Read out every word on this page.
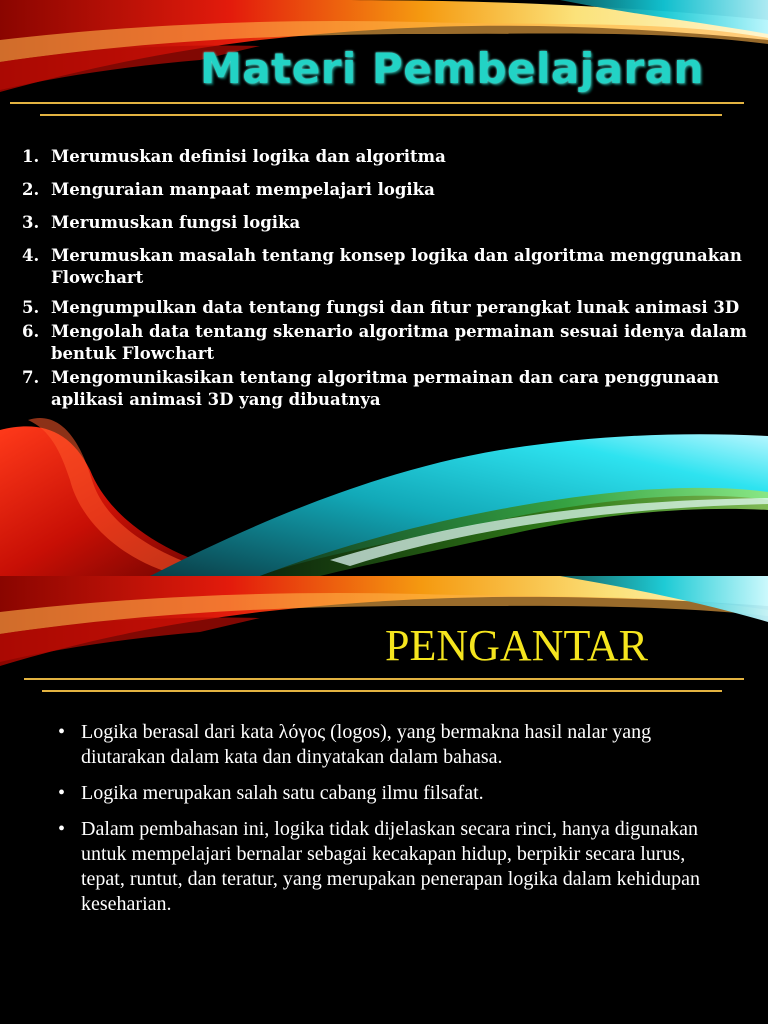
Materi Pembelajaran
1. Merumuskan definisi logika dan algoritma
2. Menguraian manpaat mempelajari logika
3. Merumuskan fungsi logika
4. Merumuskan masalah tentang konsep logika dan algoritma menggunakan Flowchart
5. Mengumpulkan data tentang fungsi dan fitur perangkat lunak animasi 3D
6. Mengolah data tentang skenario algoritma permainan sesuai idenya dalam bentuk Flowchart
7. Mengomunikasikan tentang algoritma permainan dan cara penggunaan aplikasi animasi 3D yang dibuatnya
PENGANTAR
• Logika berasal dari kata λόγος (logos), yang bermakna hasil nalar yang diutarakan dalam kata dan dinyatakan dalam bahasa.
• Logika merupakan salah satu cabang ilmu filsafat.
• Dalam pembahasan ini, logika tidak dijelaskan secara rinci, hanya digunakan untuk mempelajari bernalar sebagai kecakapan hidup, berpikir secara lurus, tepat, runtut, dan teratur, yang merupakan penerapan logika dalam kehidupan keseharian.
